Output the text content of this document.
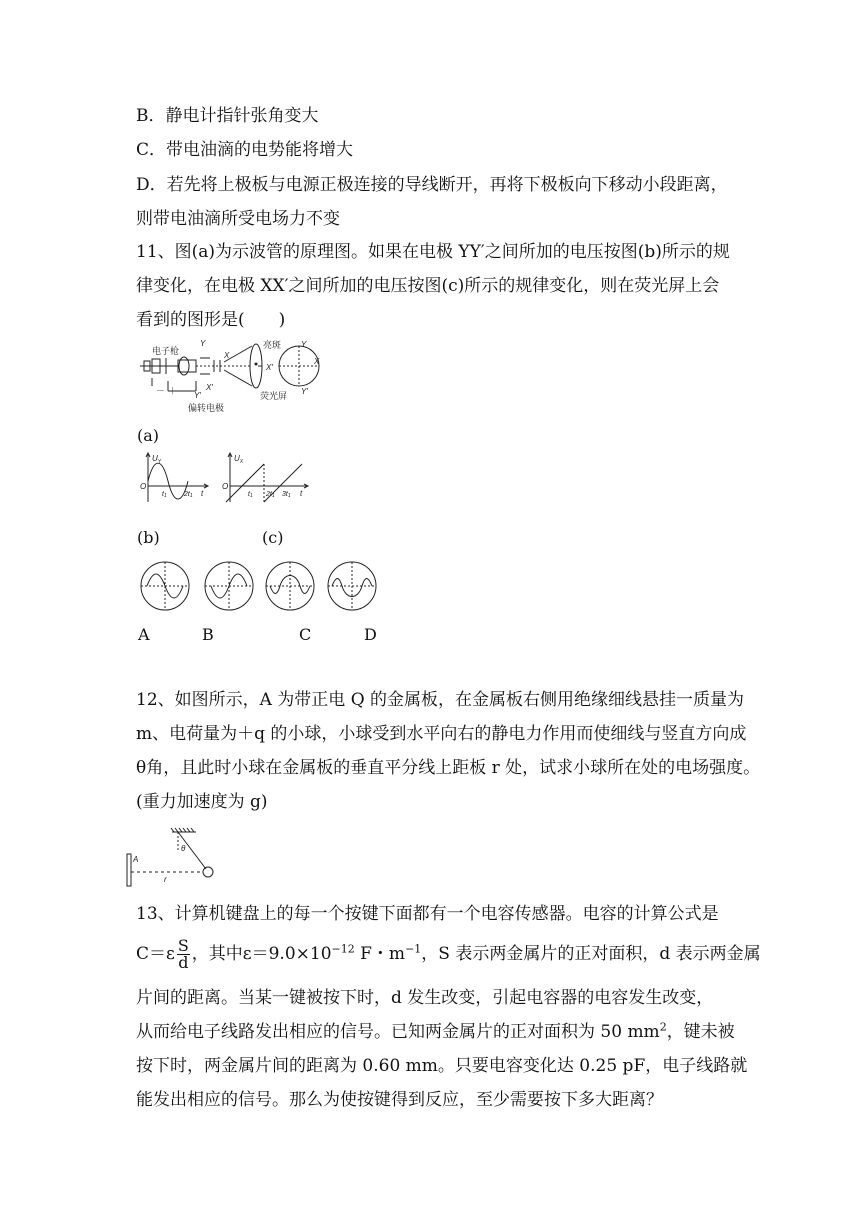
B．静电计指针张角变大
C．带电油滴的电势能将增大
D．若先将上极板与电源正极连接的导线断开，再将下极板向下移动小段距离，
则带电油滴所受电场力不变
11、图(a)为示波管的原理图。如果在电极 YY′之间所加的电压按图(b)所示的规
律变化，在电极 XX′之间所加的电压按图(c)所示的规律变化，则在荧光屏上会
看到的图形是(　　)
电子枪
Y
X
X′
Y′
亮斑
荧光屏
偏转电极
－ ＋
X
Y
X′
Y′
(a)
$U_Y$
O
t1 2t1 t
$U_X$
O
t1 2t1 3t1 t
(b)	(c)
A	B	C	D
12、如图所示，A 为带正电 Q 的金属板，在金属板右侧用绝缘细线悬挂一质量为
m、电荷量为＋q 的小球，小球受到水平向右的静电力作用而使细线与竖直方向成
θ角，且此时小球在金属板的垂直平分线上距板 r 处，试求小球所在处的电场强度。
(重力加速度为 g)
A
θ
r
13、计算机键盘上的每一个按键下面都有一个电容传感器。电容的计算公式是
$C=\varepsilon \frac{S}{d}$ ，其中$\varepsilon=9.0\times 10^{-12}$ F・$m^{-1}$，S 表示两金属片的正对面积，d 表示两金属
片间的距离。当某一键被按下时，d 发生改变，引起电容器的电容发生改变，
从而给电子线路发出相应的信号。已知两金属片的正对面积为 50 $mm^2$，键未被
按下时，两金属片间的距离为 0.60 mm。只要电容变化达 0.25 pF，电子线路就
能发出相应的信号。那么为使按键得到反应，至少需要按下多大距离？
